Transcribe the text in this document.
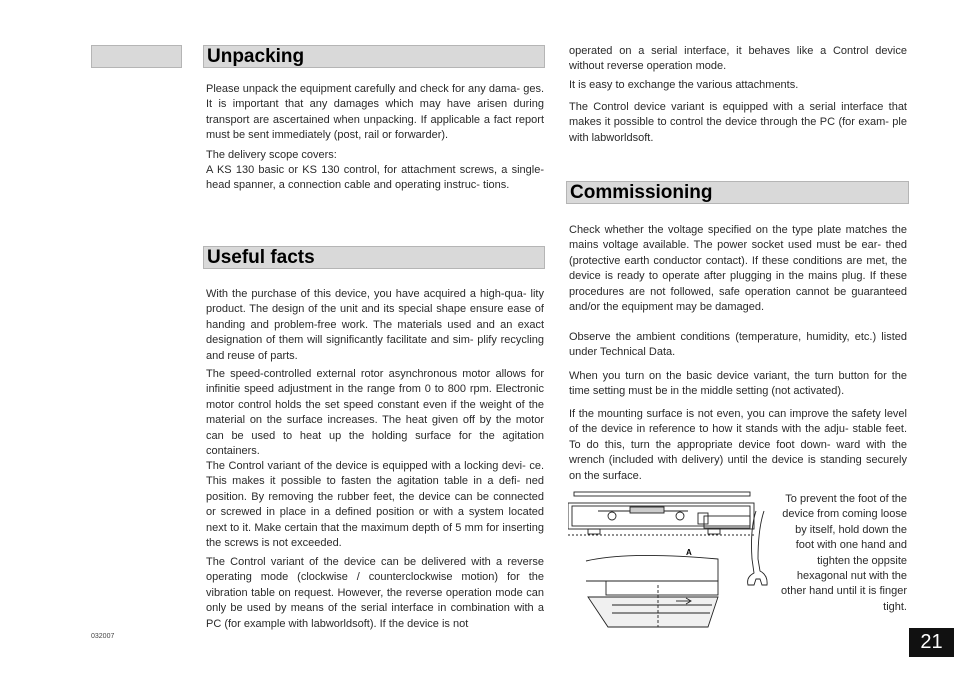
Unpacking

Please unpack the equipment carefully and check for any dama- ges. It is important that any damages which may have arisen during transport are ascertained when unpacking. If applicable a fact report must be sent immediately (post, rail or forwarder).

The delivery scope covers:

A KS 130 basic or KS 130 control, for attachment screws, a single-head spanner, a connection cable and operating instruc- tions.

Useful facts

With the purchase of this device, you have acquired a high-qua- lity product. The design of the unit and its special shape ensure ease of handing and problem-free work. The materials used and an exact designation of them will significantly facilitate and sim- plify recycling and reuse of parts.

The speed-controlled external rotor asynchronous motor allows for infinitie speed adjustment in the range from 0 to 800 rpm. Electronic motor control holds the set speed constant even if the weight of the material on the surface increases. The heat given off by the motor can be used to heat up the holding surface for the agitation containers.

The Control variant of the device is equipped with a locking devi- ce. This makes it possible to fasten the agitation table in a defi- ned position. By removing the rubber feet, the device can be connected or screwed in place in a defined position or with a system located next to it. Make certain that the maximum depth of 5 mm for inserting the screws is not exceeded.

The Control variant of the device can be delivered with a reverse operating mode (clockwise / counterclockwise motion) for the vibration table on request. However, the reverse operation mode can only be used by means of the serial interface in combination with a PC (for example with labworldsoft). If the device is not

operated on a serial interface, it behaves like a Control device without reverse operation mode.

It is easy to exchange the various attachments.

The Control device variant is equipped with a serial interface that makes it possible to control the device through the PC (for exam- ple with labworldsoft.

Commissioning

Check whether the voltage specified on the type plate matches the mains voltage available. The power socket used must be ear- thed (protective earth conductor contact). If these conditions are met, the device is ready to operate after plugging in the mains plug. If these procedures are not followed, safe operation cannot be guaranteed and/or the equipment may be damaged.

Observe the ambient conditions (temperature, humidity, etc.) listed under Technical Data.

When you turn on the basic device variant, the turn button for the time setting must be in the middle setting (not activated).

If the mounting surface is not even, you can improve the safety level of the device in reference to how it stands with the adju- stable feet. To do this, turn the appropriate device foot down- ward with the wrench (included with delivery) until the device is standing securely on the surface.

A

To prevent the foot of the device from coming loose by itself, hold down the foot with one hand and tighten the oppsite hexagonal nut with the other hand until it is finger tight.

032007	21
